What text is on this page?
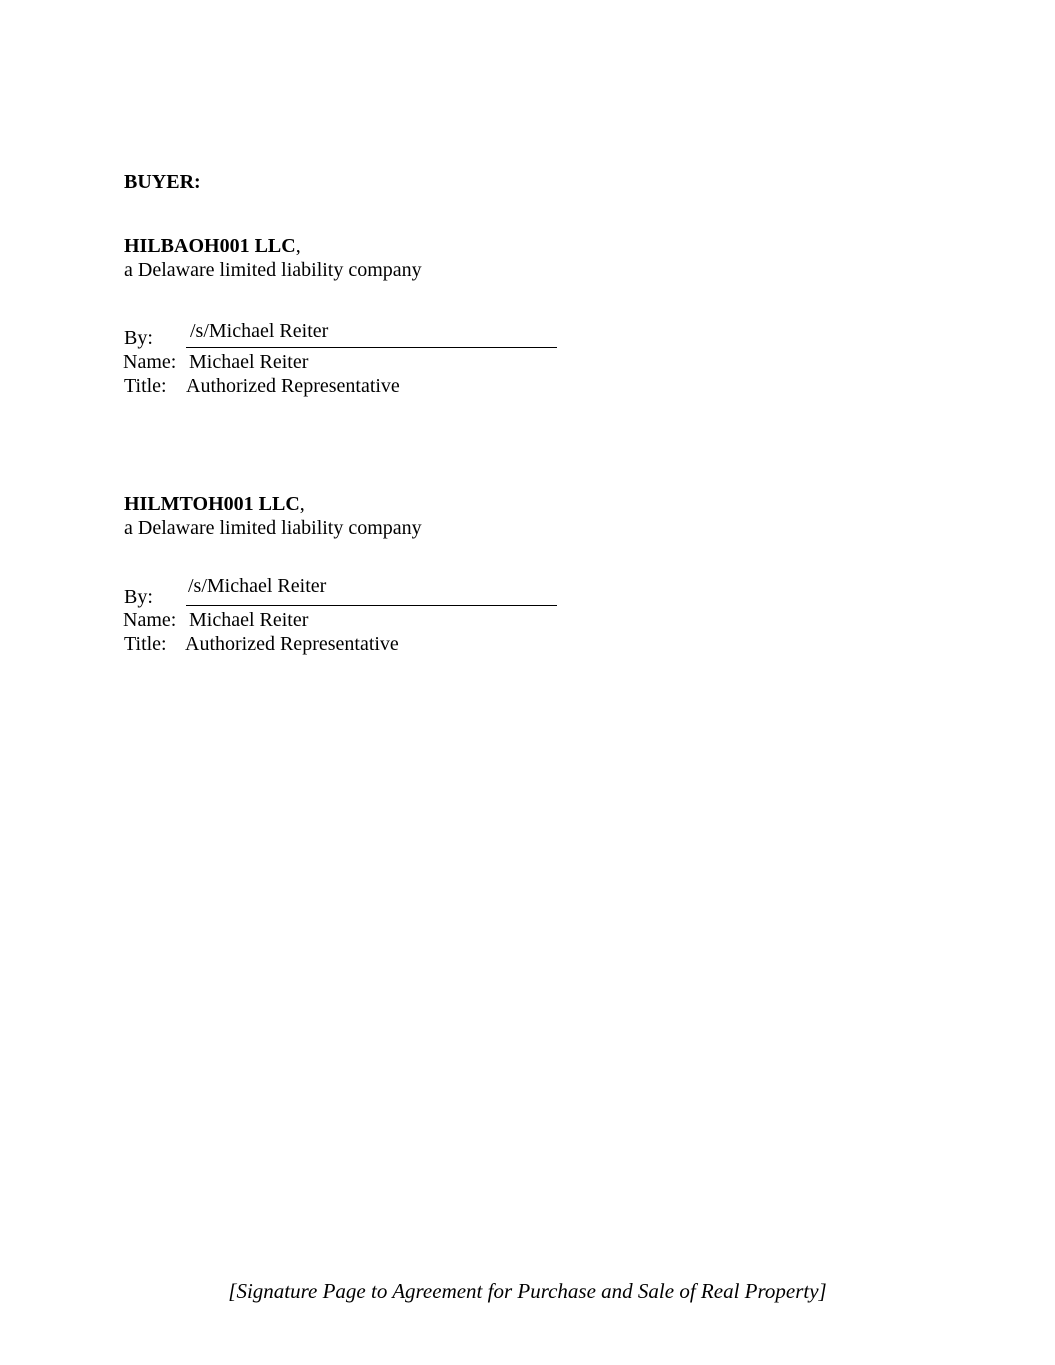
BUYER:
HILBAOH001 LLC,
a Delaware limited liability company
By: /s/Michael Reiter
Name: Michael Reiter
Title: Authorized Representative
HILMTOH001 LLC,
a Delaware limited liability company
By: /s/Michael Reiter
Name: Michael Reiter
Title: Authorized Representative
[Signature Page to Agreement for Purchase and Sale of Real Property]
